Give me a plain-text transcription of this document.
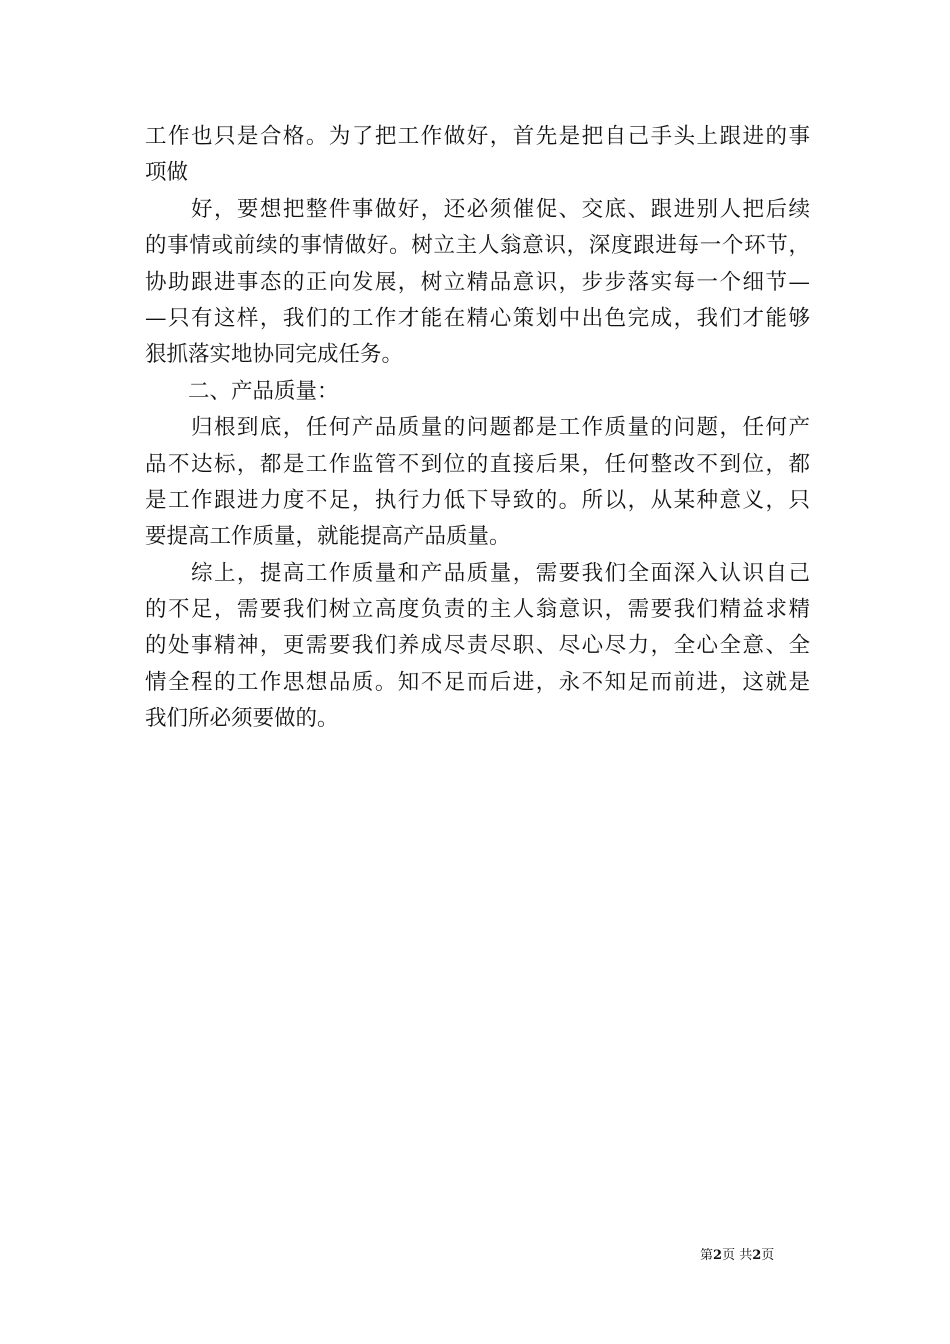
工作也只是合格。为了把工作做好，首先是把自己手头上跟进的事
项做
　　好，要想把整件事做好，还必须催促、交底、跟进别人把后续
的事情或前续的事情做好。树立主人翁意识，深度跟进每一个环节，
协助跟进事态的正向发展，树立精品意识，步步落实每一个细节—
—只有这样，我们的工作才能在精心策划中出色完成，我们才能够
狠抓落实地协同完成任务。
　　二、产品质量：
　　归根到底，任何产品质量的问题都是工作质量的问题，任何产
品不达标，都是工作监管不到位的直接后果，任何整改不到位，都
是工作跟进力度不足，执行力低下导致的。所以，从某种意义，只
要提高工作质量，就能提高产品质量。
　　综上，提高工作质量和产品质量，需要我们全面深入认识自己
的不足，需要我们树立高度负责的主人翁意识，需要我们精益求精
的处事精神，更需要我们养成尽责尽职、尽心尽力，全心全意、全
情全程的工作思想品质。知不足而后进，永不知足而前进，这就是
我们所必须要做的。
第2页 共2页
